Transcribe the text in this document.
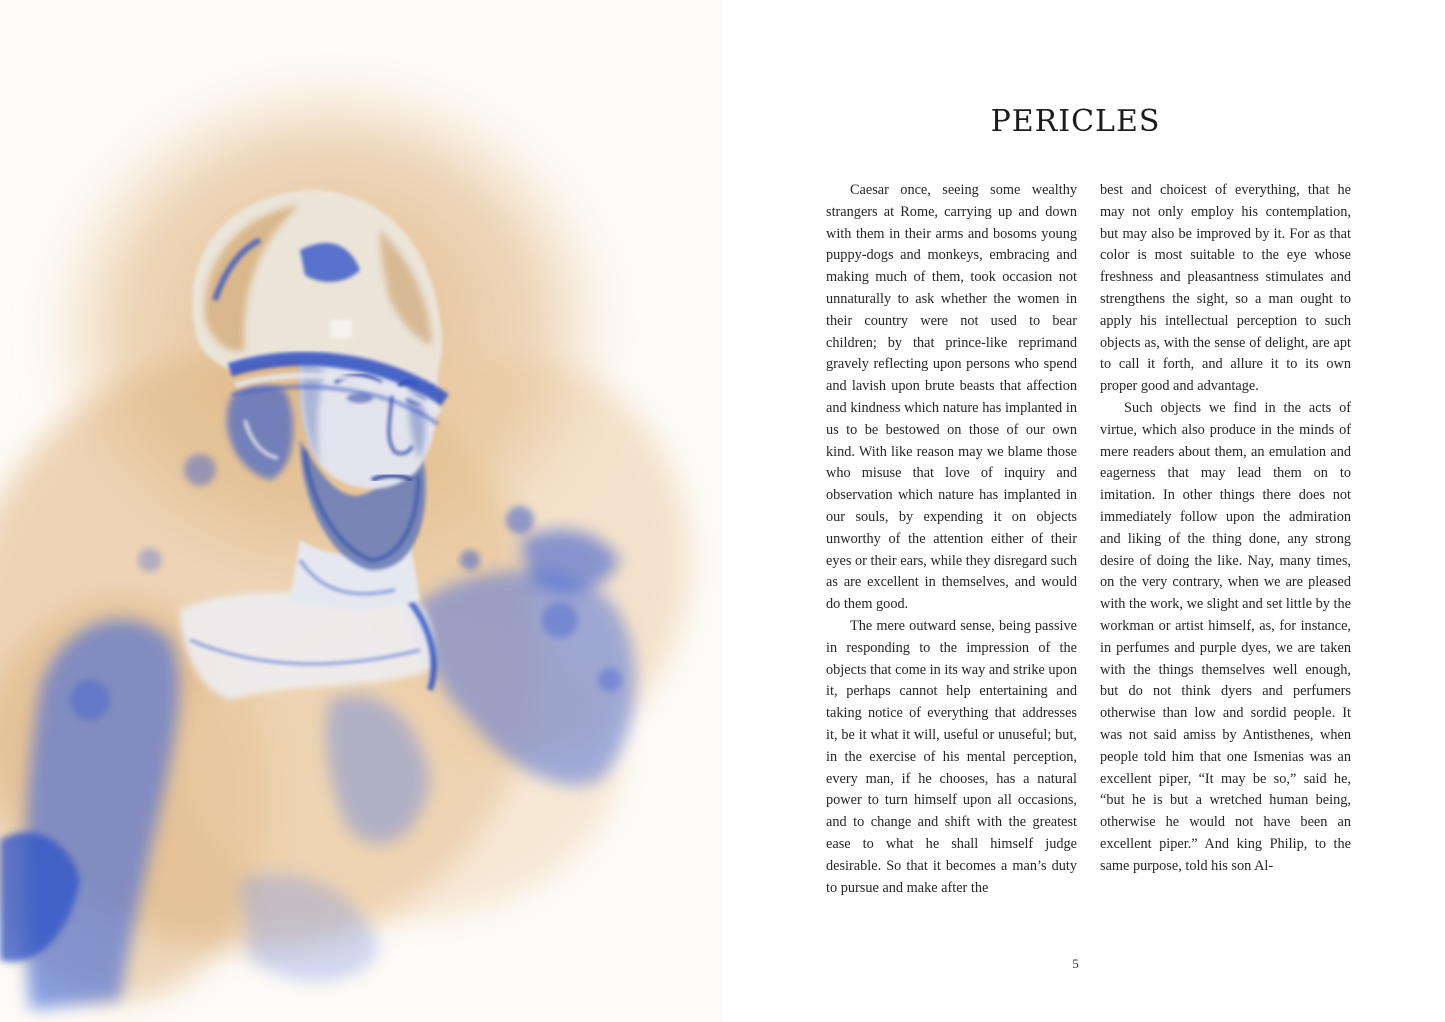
PERICLES

Caesar once, seeing some wealthy strangers at Rome, carrying up and down with them in their arms and bosoms young puppy-dogs and monkeys, embracing and making much of them, took occasion not unnaturally to ask whether the women in their country were not used to bear children; by that prince-like reprimand gravely reflecting upon persons who spend and lavish upon brute beasts that affection and kindness which nature has implanted in us to be bestowed on those of our own kind. With like reason may we blame those who misuse that love of inquiry and observation which nature has implanted in our souls, by expending it on objects unworthy of the attention either of their eyes or their ears, while they disregard such as are excellent in themselves, and would do them good.

The mere outward sense, being passive in responding to the impression of the objects that come in its way and strike upon it, perhaps cannot help entertaining and taking notice of everything that addresses it, be it what it will, useful or unuseful; but, in the exercise of his mental perception, every man, if he chooses, has a natural power to turn himself upon all occasions, and to change and shift with the greatest ease to what he shall himself judge desirable. So that it becomes a man’s duty to pursue and make after the

best and choicest of everything, that he may not only employ his contemplation, but may also be improved by it. For as that color is most suitable to the eye whose freshness and pleasantness stimulates and strengthens the sight, so a man ought to apply his intellectual perception to such objects as, with the sense of delight, are apt to call it forth, and allure it to its own proper good and advantage.

Such objects we find in the acts of virtue, which also produce in the minds of mere readers about them, an emulation and eagerness that may lead them on to imitation. In other things there does not immediately follow upon the admiration and liking of the thing done, any strong desire of doing the like. Nay, many times, on the very contrary, when we are pleased with the work, we slight and set little by the workman or artist himself, as, for instance, in perfumes and purple dyes, we are taken with the things themselves well enough, but do not think dyers and perfumers otherwise than low and sordid people. It was not said amiss by Antisthenes, when people told him that one Ismenias was an excellent piper, “It may be so,” said he, “but he is but a wretched human being, otherwise he would not have been an excellent piper.” And king Philip, to the same purpose, told his son Al-

5
